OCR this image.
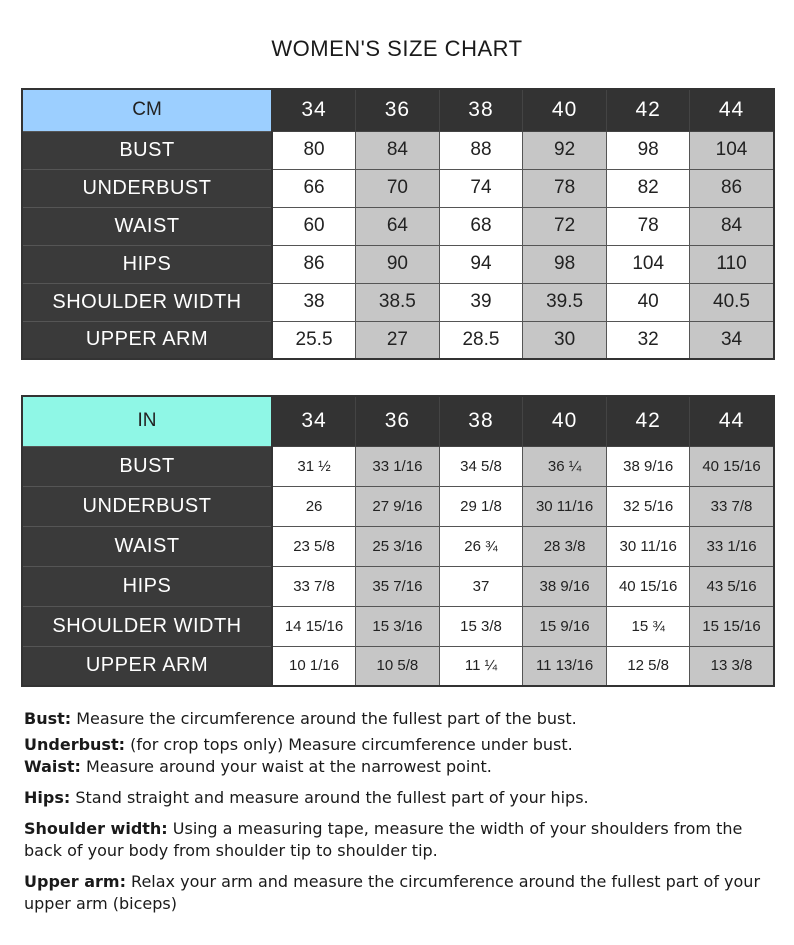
WOMEN'S SIZE CHART
CM	34	36	38	40	42	44
BUST	80	84	88	92	98	104
UNDERBUST	66	70	74	78	82	86
WAIST	60	64	68	72	78	84
HIPS	86	90	94	98	104	110
SHOULDER WIDTH	38	38.5	39	39.5	40	40.5
UPPER ARM	25.5	27	28.5	30	32	34
IN	34	36	38	40	42	44
BUST	31 ½	33 1/16	34 5/8	36 ¼	38 9/16	40 15/16
UNDERBUST	26	27 9/16	29 1/8	30 11/16	32 5/16	33 7/8
WAIST	23 5/8	25 3/16	26 ¾	28 3/8	30 11/16	33 1/16
HIPS	33 7/8	35 7/16	37	38 9/16	40 15/16	43 5/16
SHOULDER WIDTH	14 15/16	15 3/16	15 3/8	15 9/16	15 ¾	15 15/16
UPPER ARM	10 1/16	10 5/8	11 ¼	11 13/16	12 5/8	13 3/8

Bust: Measure the circumference around the fullest part of the bust.

Underbust: (for crop tops only) Measure circumference under bust.

Waist: Measure around your waist at the narrowest point.

Hips: Stand straight and measure around the fullest part of your hips.

Shoulder width: Using a measuring tape, measure the width of your shoulders from the back of your body from shoulder tip to shoulder tip.

Upper arm: Relax your arm and measure the circumference around the fullest part of your upper arm (biceps)
